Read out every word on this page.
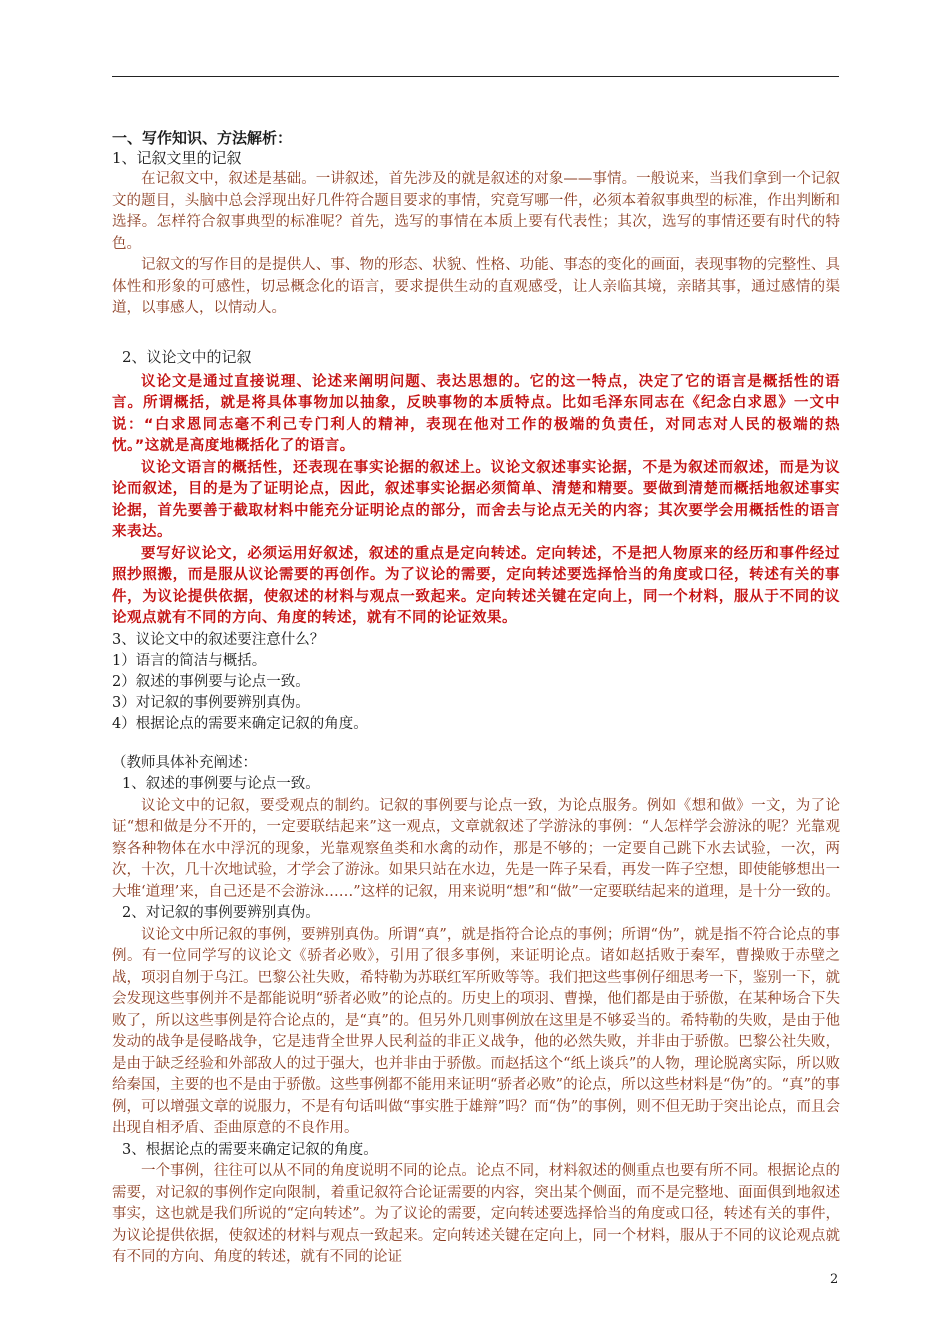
一、写作知识、方法解析：

1、记叙文里的记叙

在记叙文中，叙述是基础。一讲叙述，首先涉及的就是叙述的对象——事情。一般说来，当我们拿到一个记叙文的题目，头脑中总会浮现出好几件符合题目要求的事情，究竟写哪一件，必须本着叙事典型的标准，作出判断和选择。怎样符合叙事典型的标准呢？首先，选写的事情在本质上要有代表性；其次，选写的事情还要有时代的特色。

记叙文的写作目的是提供人、事、物的形态、状貌、性格、功能、事态的变化的画面，表现事物的完整性、具体性和形象的可感性，切忌概念化的语言，要求提供生动的直观感受，让人亲临其境，亲睹其事，通过感情的渠道，以事感人，以情动人。

2、议论文中的记叙

议论文是通过直接说理、论述来阐明问题、表达思想的。它的这一特点，决定了它的语言是概括性的语言。所谓概括，就是将具体事物加以抽象，反映事物的本质特点。比如毛泽东同志在《纪念白求恩》一文中说：“白求恩同志毫不利己专门利人的精神，表现在他对工作的极端的负责任，对同志对人民的极端的热忱。”这就是高度地概括化了的语言。

议论文语言的概括性，还表现在事实论据的叙述上。议论文叙述事实论据，不是为叙述而叙述，而是为议论而叙述，目的是为了证明论点，因此，叙述事实论据必须简单、清楚和精要。要做到清楚而概括地叙述事实论据，首先要善于截取材料中能充分证明论点的部分，而舍去与论点无关的内容；其次要学会用概括性的语言来表达。

要写好议论文，必须运用好叙述，叙述的重点是定向转述。定向转述，不是把人物原来的经历和事件经过照抄照搬，而是服从议论需要的再创作。为了议论的需要，定向转述要选择恰当的角度或口径，转述有关的事件，为议论提供依据，使叙述的材料与观点一致起来。定向转述关键在定向上，同一个材料，服从于不同的议论观点就有不同的方向、角度的转述，就有不同的论证效果。

3、议论文中的叙述要注意什么？

1）语言的简洁与概括。

2）叙述的事例要与论点一致。

3）对记叙的事例要辨别真伪。

4）根据论点的需要来确定记叙的角度。

（教师具体补充阐述：

1、叙述的事例要与论点一致。

议论文中的记叙，要受观点的制约。记叙的事例要与论点一致，为论点服务。例如《想和做》一文，为了论证“想和做是分不开的，一定要联结起来”这一观点，文章就叙述了学游泳的事例：“人怎样学会游泳的呢？光靠观察各种物体在水中浮沉的现象，光靠观察鱼类和水禽的动作，那是不够的；一定要自己跳下水去试验，一次，两次，十次，几十次地试验，才学会了游泳。如果只站在水边，先是一阵子呆看，再发一阵子空想，即使能够想出一大堆‘道理’来，自己还是不会游泳……”这样的记叙，用来说明“想”和“做”一定要联结起来的道理，是十分一致的。

2、对记叙的事例要辨别真伪。

议论文中所记叙的事例，要辨别真伪。所谓“真”，就是指符合论点的事例；所谓“伪”，就是指不符合论点的事例。有一位同学写的议论文《骄者必败》，引用了很多事例，来证明论点。诸如赵括败于秦军，曹操败于赤壁之战，项羽自刎于乌江。巴黎公社失败，希特勒为苏联红军所败等等。我们把这些事例仔细思考一下，鉴别一下，就会发现这些事例并不是都能说明“骄者必败”的论点的。历史上的项羽、曹操，他们都是由于骄傲，在某种场合下失败了，所以这些事例是符合论点的，是“真”的。但另外几则事例放在这里是不够妥当的。希特勒的失败，是由于他发动的战争是侵略战争，它是违背全世界人民利益的非正义战争，他的必然失败，并非由于骄傲。巴黎公社失败，是由于缺乏经验和外部敌人的过于强大，也并非由于骄傲。而赵括这个“纸上谈兵”的人物，理论脱离实际，所以败给秦国，主要的也不是由于骄傲。这些事例都不能用来证明“骄者必败”的论点，所以这些材料是“伪”的。“真”的事例，可以增强文章的说服力，不是有句话叫做“事实胜于雄辩”吗？而“伪”的事例，则不但无助于突出论点，而且会出现自相矛盾、歪曲原意的不良作用。

3、根据论点的需要来确定记叙的角度。

一个事例，往往可以从不同的角度说明不同的论点。论点不同，材料叙述的侧重点也要有所不同。根据论点的需要，对记叙的事例作定向限制，着重记叙符合论证需要的内容，突出某个侧面，而不是完整地、面面俱到地叙述事实，这也就是我们所说的“定向转述”。为了议论的需要，定向转述要选择恰当的角度或口径，转述有关的事件，为议论提供依据，使叙述的材料与观点一致起来。定向转述关键在定向上，同一个材料，服从于不同的议论观点就有不同的方向、角度的转述，就有不同的论证

2
